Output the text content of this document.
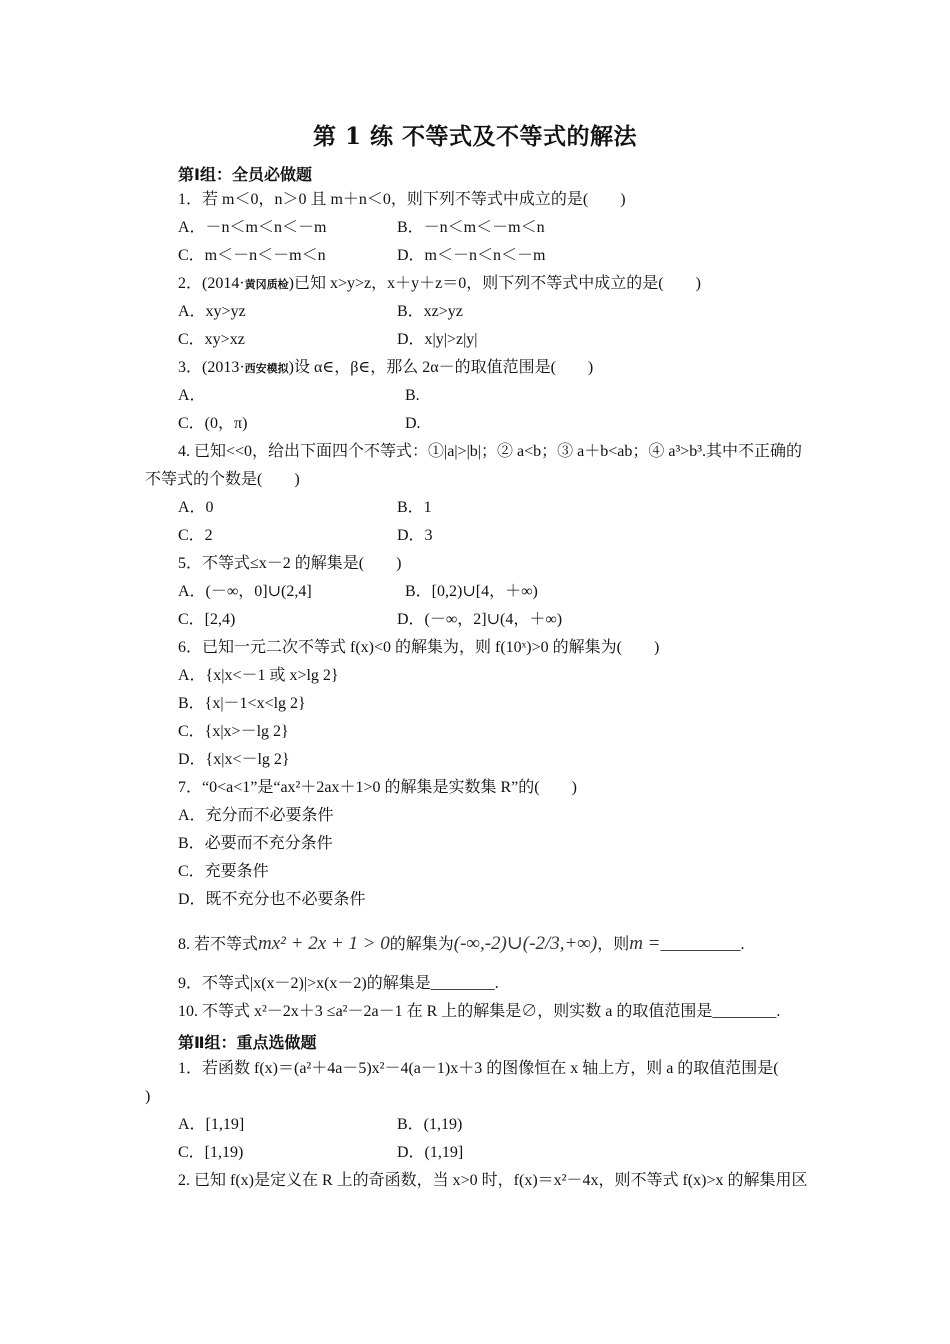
第 1 练 不等式及不等式的解法
第Ⅰ组：全员必做题
1．若 m＜0，n＞0 且 m＋n＜0，则下列不等式中成立的是(　　)
A．－n＜m＜n＜－m	B．－n＜m＜－m＜n
C．m＜－n＜－m＜n	D．m＜－n＜n＜－m
2．(2014·黄冈质检)已知 x>y>z，x＋y＋z＝0，则下列不等式中成立的是(　　)
A．xy>yz	B．xz>yz
C．xy>xz	D．x|y|>z|y|
3．(2013·西安模拟)设 α∈，β∈，那么 2α－的取值范围是(　　)
A．	B.
C．(0，π)	D.
4. 已知<<0，给出下面四个不等式：①|a|>|b|；② a<b；③ a＋b<ab；④ a³>b³.其中不正确的
不等式的个数是(　　)
A．0	B．1
C．2	D．3
5．不等式≤x－2 的解集是(　　)
A．(－∞，0]∪(2,4]	B．[0,2)∪[4，＋∞)
C．[2,4)	D．(－∞，2]∪(4，＋∞)
6．已知一元二次不等式 f(x)<0 的解集为，则 f(10ˣ)>0 的解集为(　　)
A．{x|x<－1 或 x>lg 2}
B．{x|－1<x<lg 2}
C．{x|x>－lg 2}
D．{x|x<－lg 2}
7．“0<a<1”是“ax²＋2ax＋1>0 的解集是实数集 R”的(　　)
A．充分而不必要条件
B．必要而不充分条件
C．充要条件
D．既不充分也不必要条件
8. 若不等式mx² + 2x + 1 > 0的解集为(-∞,-2)∪(-2/3,+∞)，则m =__________.
9．不等式|x(x－2)|>x(x－2)的解集是________.
10. 不等式 x²－2x＋3 ≤a²－2a－1 在 R 上的解集是∅，则实数 a 的取值范围是________.
第Ⅱ组：重点选做题
1．若函数 f(x)＝(a²＋4a－5)x²－4(a－1)x＋3 的图像恒在 x 轴上方，则 a 的取值范围是(
)
A．[1,19]	B．(1,19)
C．[1,19)	D．(1,19]
2. 已知 f(x)是定义在 R 上的奇函数，当 x>0 时，f(x)＝x²－4x，则不等式 f(x)>x 的解集用区
